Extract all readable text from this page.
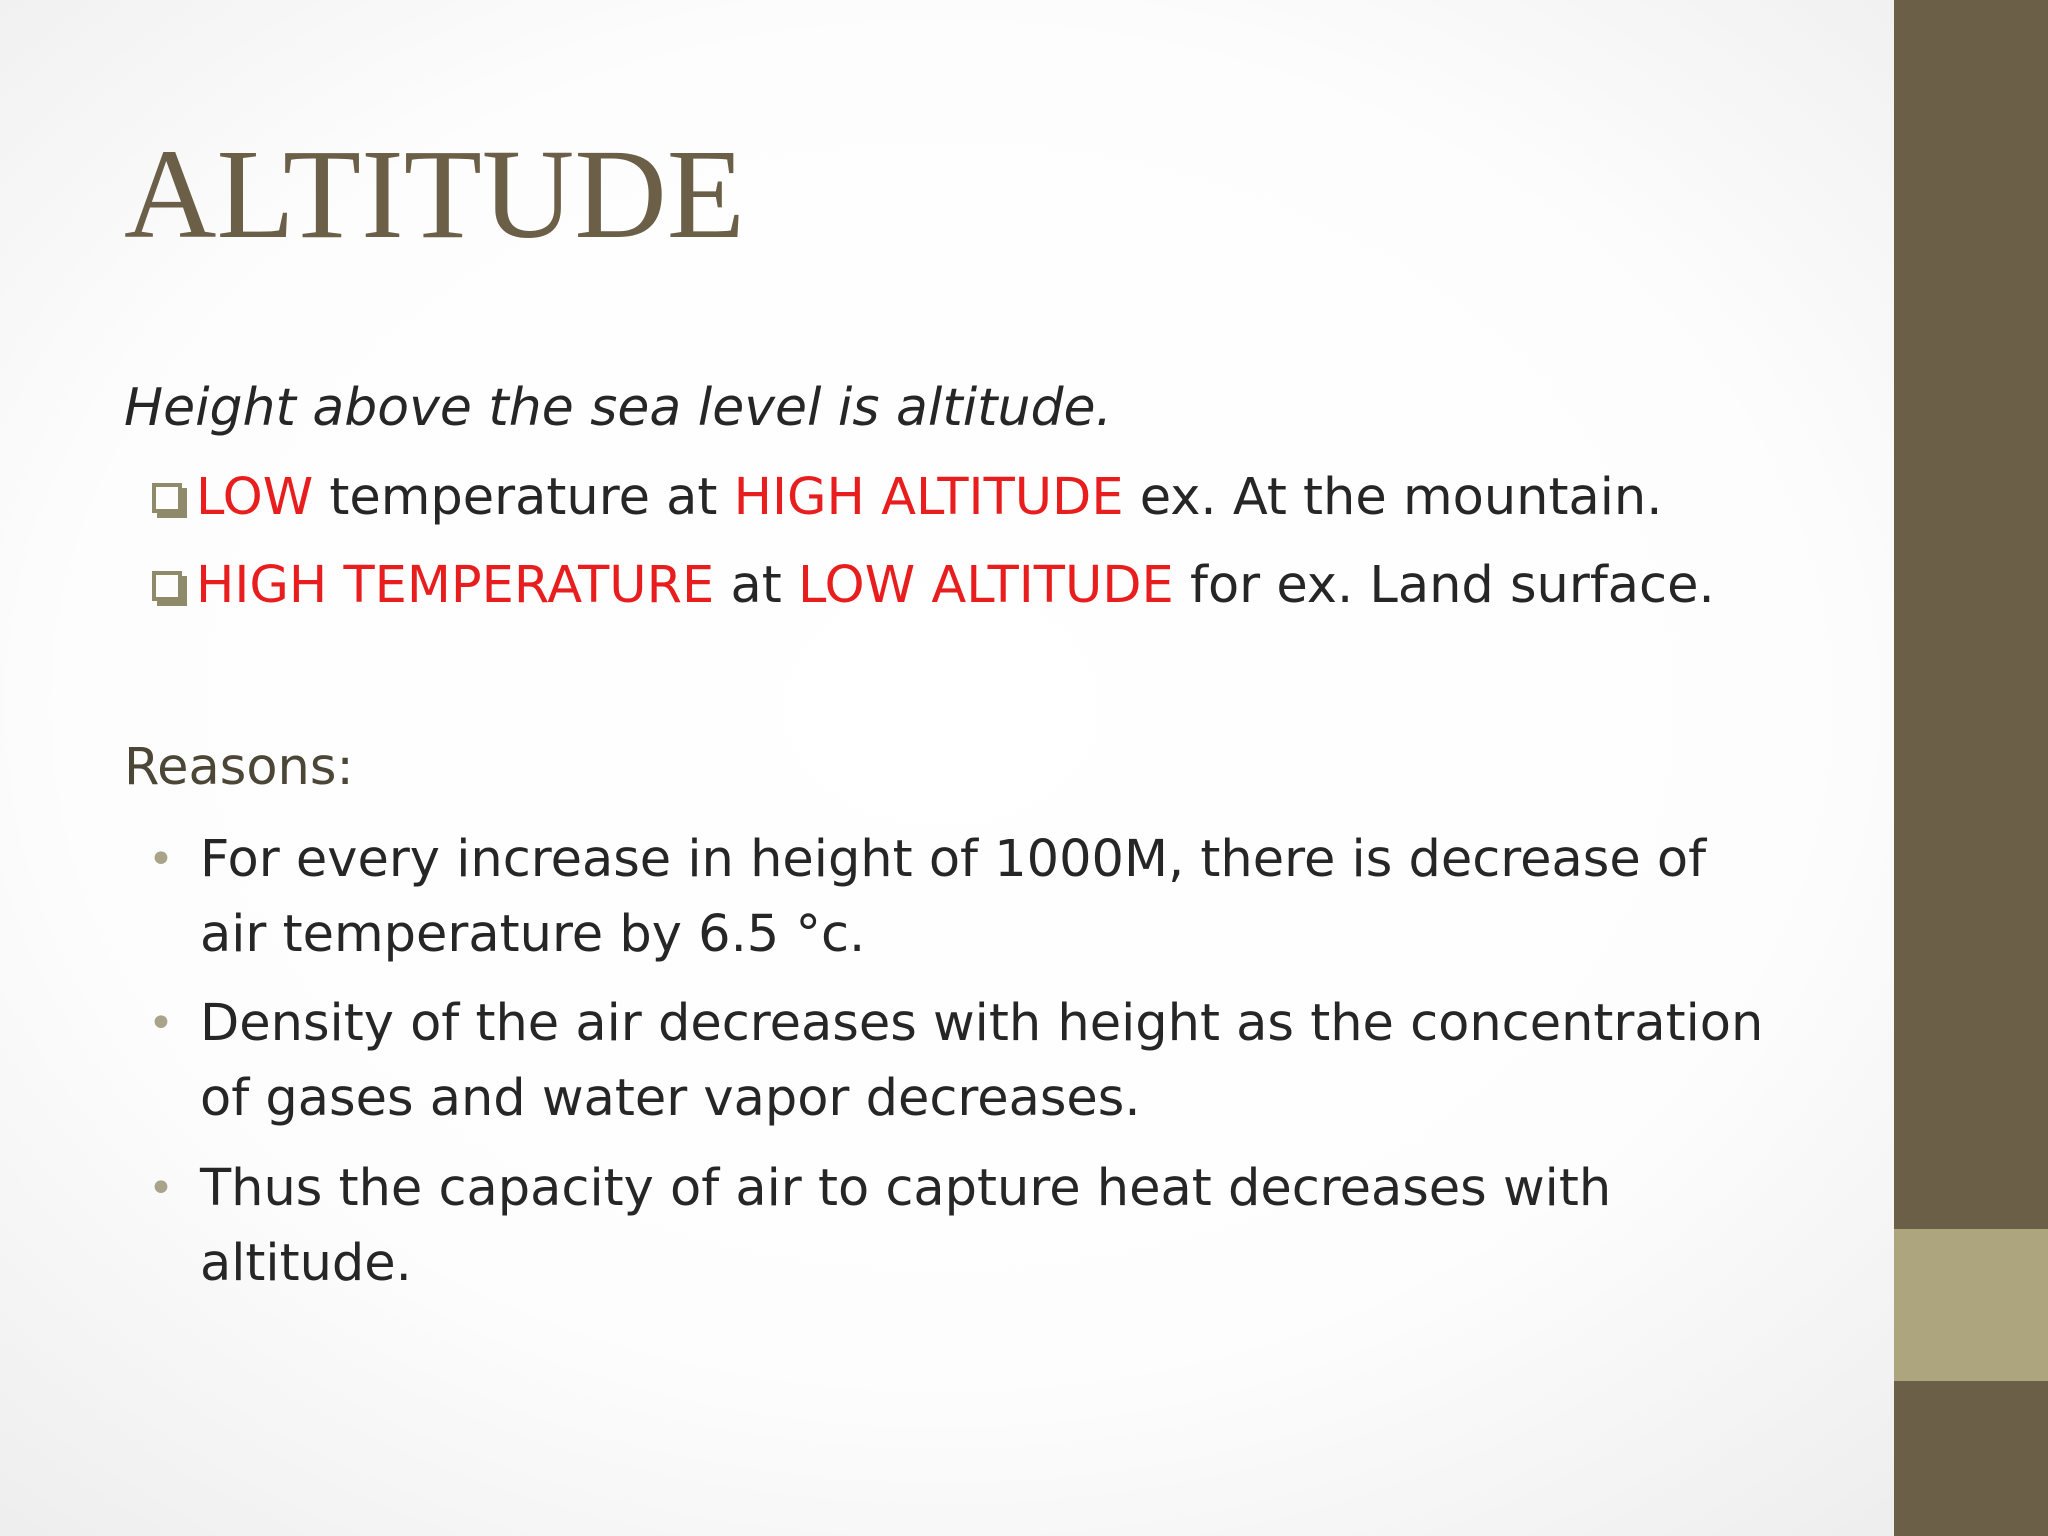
ALTITUDE
Height above the sea level is altitude.
LOW temperature at HIGH ALTITUDE ex. At the mountain.
HIGH TEMPERATURE at LOW ALTITUDE for ex. Land surface.
Reasons:
• For every increase in height of 1000M, there is decrease of air temperature by 6.5 °c.
• Density of the air decreases with height as the concentration of gases and water vapor decreases.
• Thus the capacity of air to capture heat decreases with altitude.
